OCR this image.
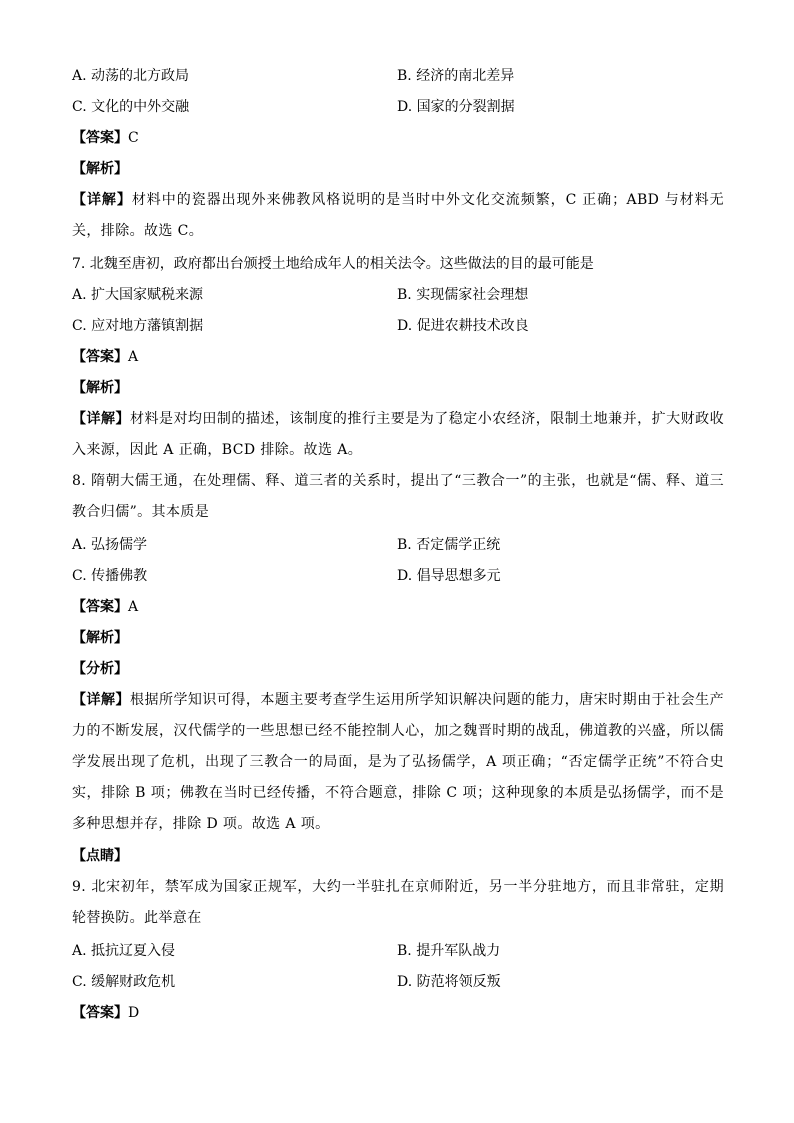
A. 动荡的北方政局	B. 经济的南北差异
C. 文化的中外交融	D. 国家的分裂割据
【答案】C
【解析】
【详解】材料中的瓷器出现外来佛教风格说明的是当时中外文化交流频繁，C 正确；ABD 与材料无关，排除。故选 C。
7. 北魏至唐初，政府都出台颁授土地给成年人的相关法令。这些做法的目的最可能是
A. 扩大国家赋税来源	B. 实现儒家社会理想
C. 应对地方藩镇割据	D. 促进农耕技术改良
【答案】A
【解析】
【详解】材料是对均田制的描述，该制度的推行主要是为了稳定小农经济，限制土地兼并，扩大财政收入来源，因此 A 正确，BCD 排除。故选 A。
8. 隋朝大儒王通，在处理儒、释、道三者的关系时，提出了“三教合一”的主张，也就是“儒、释、道三教合归儒”。其本质是
A. 弘扬儒学	B. 否定儒学正统
C. 传播佛教	D. 倡导思想多元
【答案】A
【解析】
【分析】
【详解】根据所学知识可得，本题主要考查学生运用所学知识解决问题的能力，唐宋时期由于社会生产力的不断发展，汉代儒学的一些思想已经不能控制人心，加之魏晋时期的战乱，佛道教的兴盛，所以儒学发展出现了危机，出现了三教合一的局面，是为了弘扬儒学，A 项正确；“否定儒学正统”不符合史实，排除 B 项；佛教在当时已经传播，不符合题意，排除 C 项；这种现象的本质是弘扬儒学，而不是多种思想并存，排除 D 项。故选 A 项。
【点睛】
9. 北宋初年，禁军成为国家正规军，大约一半驻扎在京师附近，另一半分驻地方，而且非常驻，定期轮替换防。此举意在
A. 抵抗辽夏入侵	B. 提升军队战力
C. 缓解财政危机	D. 防范将领反叛
【答案】D
